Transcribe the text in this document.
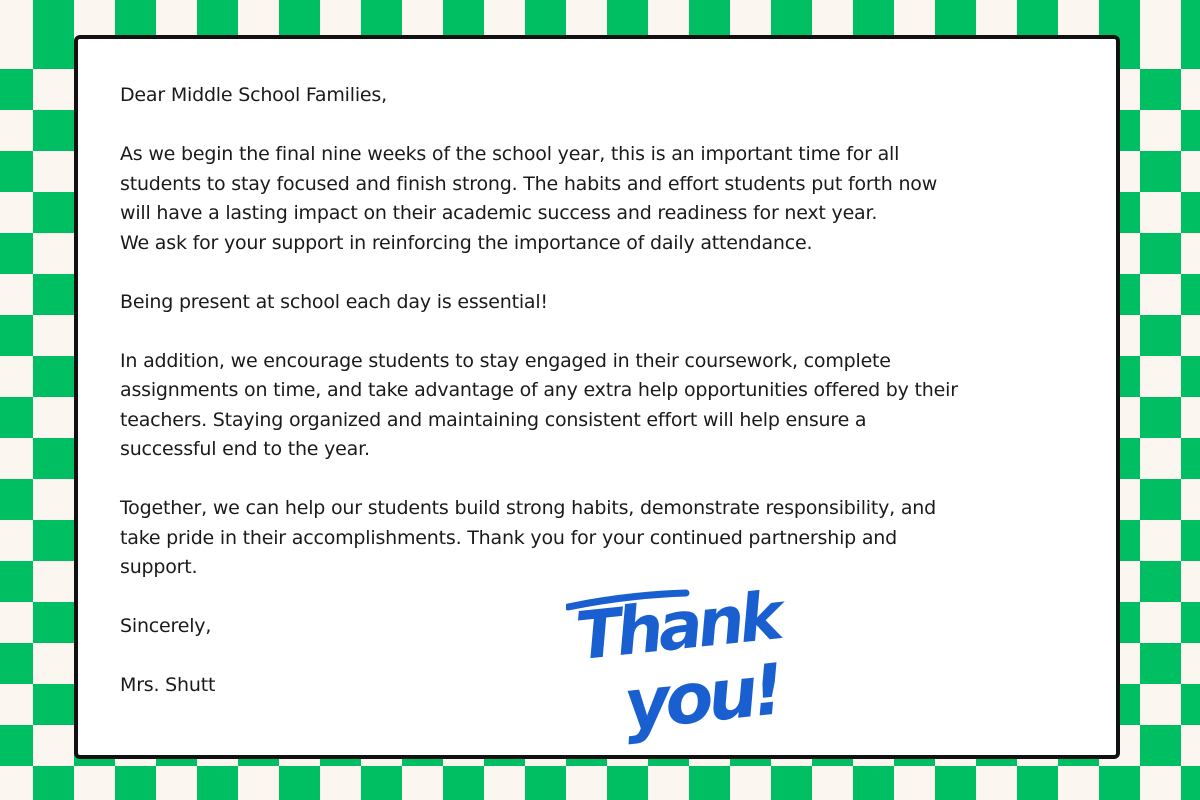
Dear Middle School Families,

As we begin the final nine weeks of the school year, this is an important time for all
students to stay focused and finish strong. The habits and effort students put forth now
will have a lasting impact on their academic success and readiness for next year.
We ask for your support in reinforcing the importance of daily attendance.

Being present at school each day is essential!

In addition, we encourage students to stay engaged in their coursework, complete
assignments on time, and take advantage of any extra help opportunities offered by their
teachers. Staying organized and maintaining consistent effort will help ensure a
successful end to the year.

Together, we can help our students build strong habits, demonstrate responsibility, and
take pride in their accomplishments. Thank you for your continued partnership and
support.

Sincerely,

Mrs. Shutt

Thank
you!
